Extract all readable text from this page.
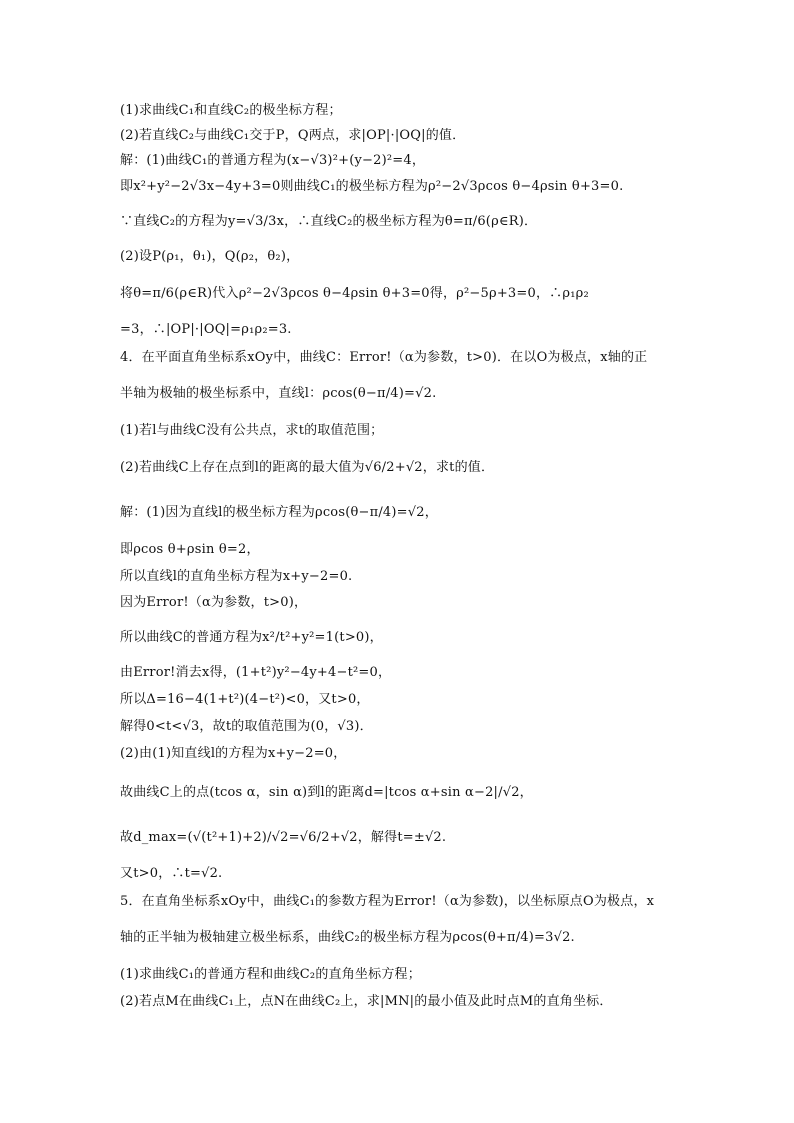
(1)求曲线C₁和直线C₂的极坐标方程；
(2)若直线C₂与曲线C₁交于P，Q两点，求|OP|·|OQ|的值．
解：(1)曲线C₁的普通方程为(x−√3)²+(y−2)²=4，
即x²+y²−2√3x−4y+3=0则曲线C₁的极坐标方程为ρ²−2√3ρcos θ−4ρsin θ+3=0.
∵直线C₂的方程为y=√3/3x，∴直线C₂的极坐标方程为θ=π/6(ρ∈R)．
(2)设P(ρ₁，θ₁)，Q(ρ₂，θ₂)，
将θ=π/6(ρ∈R)代入ρ²−2√3ρcos θ−4ρsin θ+3=0得，ρ²−5ρ+3=0，∴ρ₁ρ₂
=3，∴|OP|·|OQ|=ρ₁ρ₂=3.
4．在平面直角坐标系xOy中，曲线C：Error!（α为参数，t>0)．在以O为极点，x轴的正
半轴为极轴的极坐标系中，直线l：ρcos(θ−π/4)=√2.
(1)若l与曲线C没有公共点，求t的取值范围；
(2)若曲线C上存在点到l的距离的最大值为√6/2+√2，求t的值．
解：(1)因为直线l的极坐标方程为ρcos(θ−π/4)=√2，
即ρcos θ+ρsin θ=2，
所以直线l的直角坐标方程为x+y−2=0.
因为Error!（α为参数，t>0)，
所以曲线C的普通方程为x²/t²+y²=1(t>0)，
由Error!消去x得，(1+t²)y²−4y+4−t²=0，
所以Δ=16−4(1+t²)(4−t²)<0，又t>0，
解得0<t<√3，故t的取值范围为(0，√3)．
(2)由(1)知直线l的方程为x+y−2=0，
故曲线C上的点(tcos α，sin α)到l的距离d=|tcos α+sin α−2|/√2，
故d_max=(√(t²+1)+2)/√2=√6/2+√2，解得t=±√2.
又t>0，∴t=√2.
5．在直角坐标系xOy中，曲线C₁的参数方程为Error!（α为参数)，以坐标原点O为极点，x
轴的正半轴为极轴建立极坐标系，曲线C₂的极坐标方程为ρcos(θ+π/4)=3√2.
(1)求曲线C₁的普通方程和曲线C₂的直角坐标方程；
(2)若点M在曲线C₁上，点N在曲线C₂上，求|MN|的最小值及此时点M的直角坐标．
